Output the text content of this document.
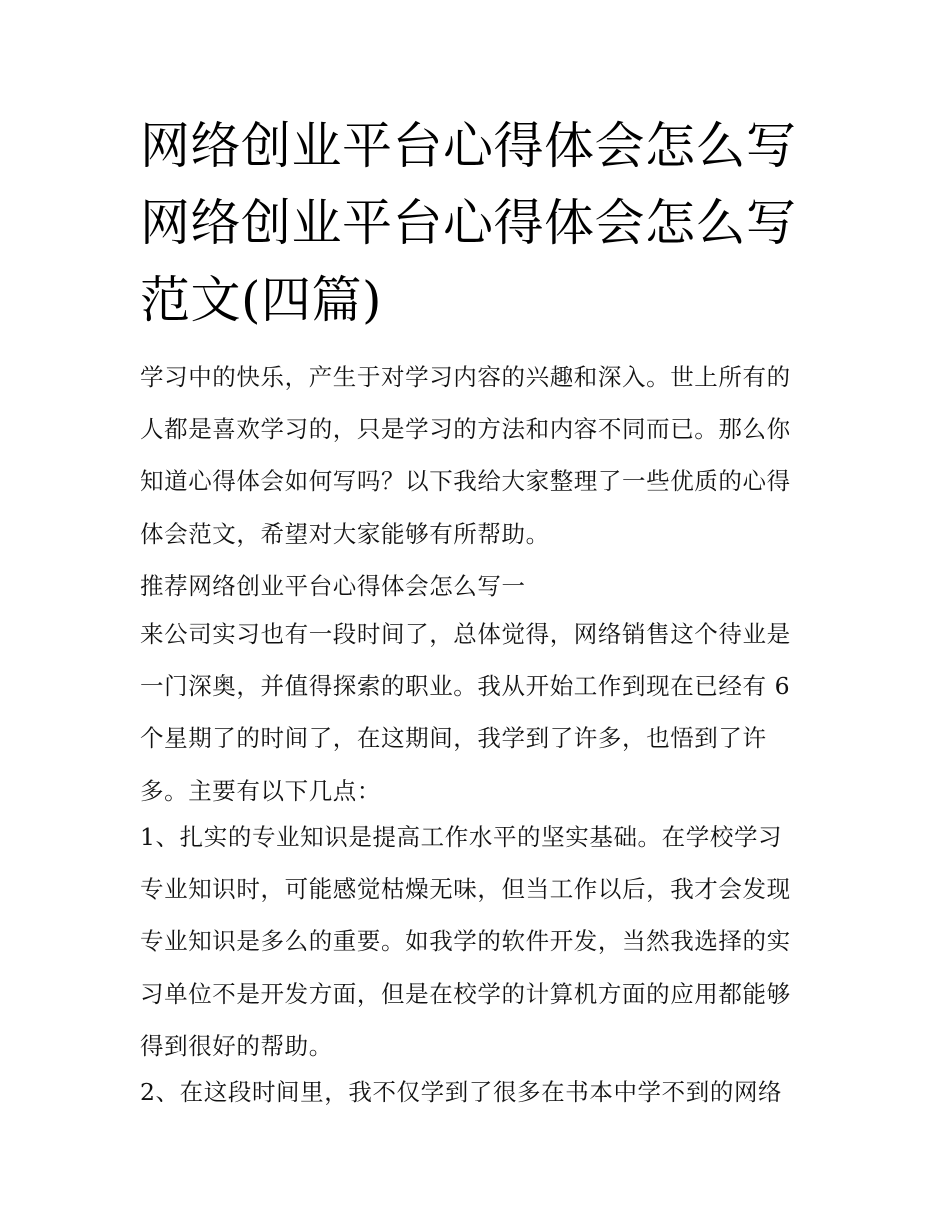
网络创业平台心得体会怎么写
网络创业平台心得体会怎么写
范文(四篇)

学习中的快乐，产生于对学习内容的兴趣和深入。世上所有的
人都是喜欢学习的，只是学习的方法和内容不同而已。那么你
知道心得体会如何写吗？以下我给大家整理了一些优质的心得
体会范文，希望对大家能够有所帮助。

推荐网络创业平台心得体会怎么写一

来公司实习也有一段时间了，总体觉得，网络销售这个待业是
一门深奥，并值得探索的职业。我从开始工作到现在已经有 6
个星期了的时间了，在这期间，我学到了许多，也悟到了许
多。主要有以下几点：

1、扎实的专业知识是提高工作水平的坚实基础。在学校学习
专业知识时，可能感觉枯燥无味，但当工作以后，我才会发现
专业知识是多么的重要。如我学的软件开发，当然我选择的实
习单位不是开发方面，但是在校学的计算机方面的应用都能够
得到很好的帮助。

2、在这段时间里，我不仅学到了很多在书本中学不到的网络
